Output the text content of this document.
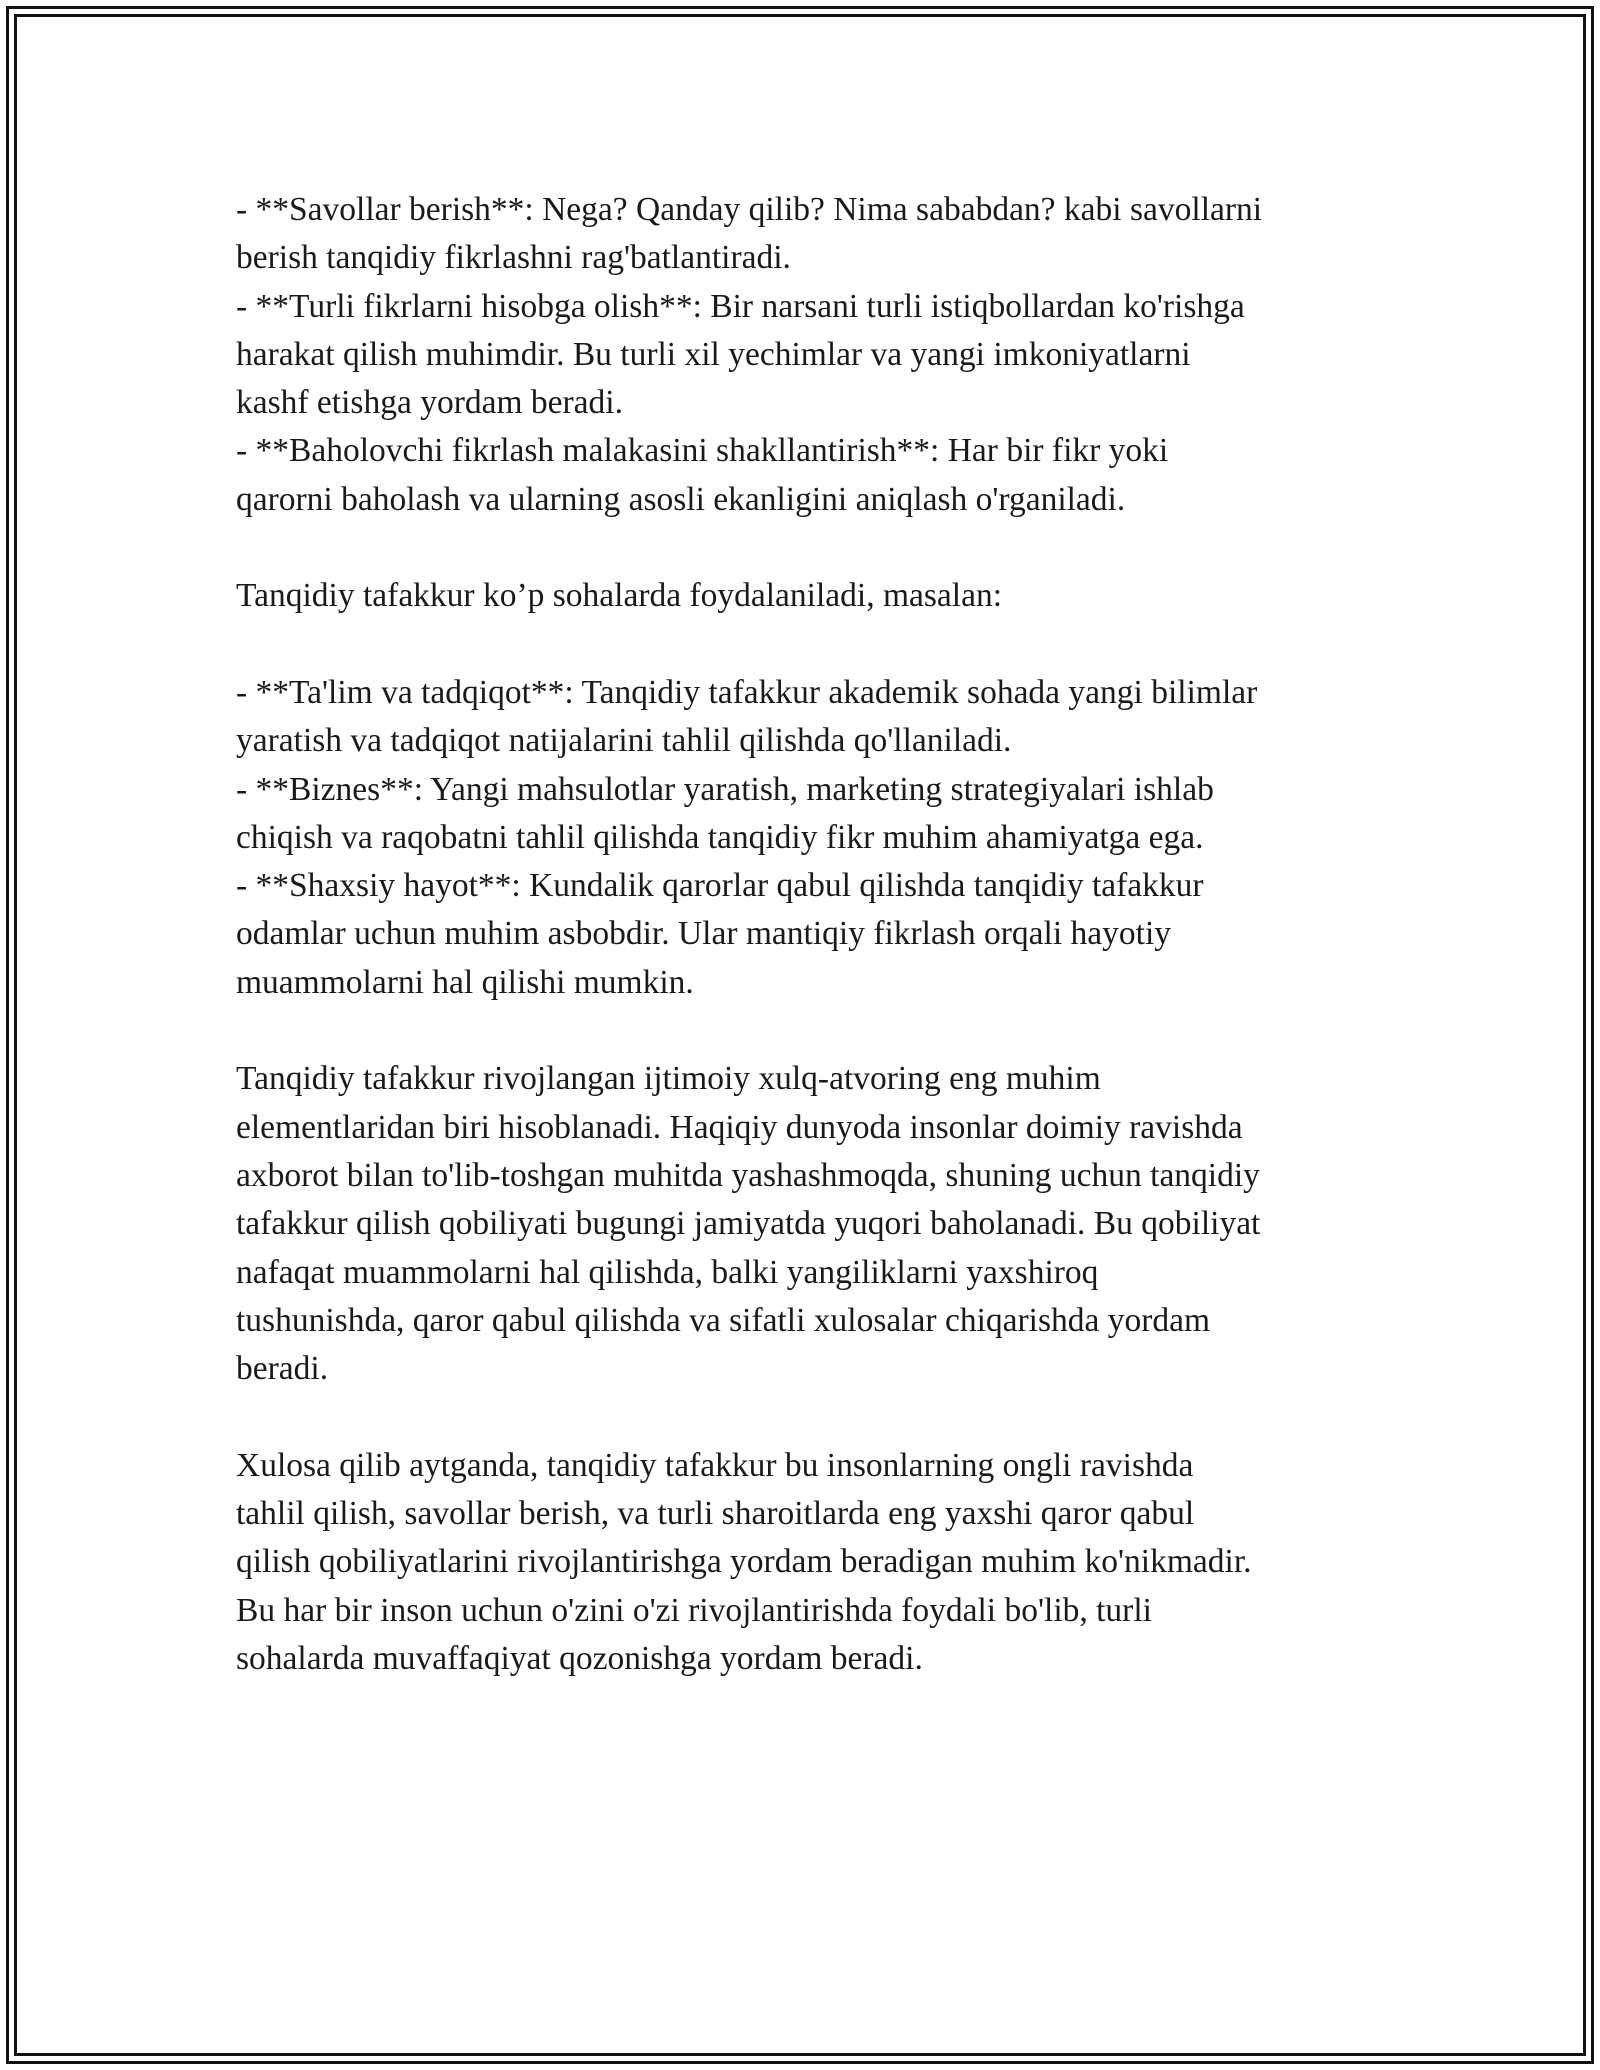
- **Savollar berish**: Nega? Qanday qilib? Nima sababdan? kabi savollarni
berish tanqidiy fikrlashni rag'batlantiradi.
- **Turli fikrlarni hisobga olish**: Bir narsani turli istiqbollardan ko'rishga
harakat qilish muhimdir. Bu turli xil yechimlar va yangi imkoniyatlarni
kashf etishga yordam beradi.
- **Baholovchi fikrlash malakasini shakllantirish**: Har bir fikr yoki
qarorni baholash va ularning asosli ekanligini aniqlash o'rganiladi.
Tanqidiy tafakkur ko’p sohalarda foydalaniladi, masalan:
- **Ta'lim va tadqiqot**: Tanqidiy tafakkur akademik sohada yangi bilimlar
yaratish va tadqiqot natijalarini tahlil qilishda qo'llaniladi.
- **Biznes**: Yangi mahsulotlar yaratish, marketing strategiyalari ishlab
chiqish va raqobatni tahlil qilishda tanqidiy fikr muhim ahamiyatga ega.
- **Shaxsiy hayot**: Kundalik qarorlar qabul qilishda tanqidiy tafakkur
odamlar uchun muhim asbobdir. Ular mantiqiy fikrlash orqali hayotiy
muammolarni hal qilishi mumkin.
Tanqidiy tafakkur rivojlangan ijtimoiy xulq-atvoring eng muhim
elementlaridan biri hisoblanadi. Haqiqiy dunyoda insonlar doimiy ravishda
axborot bilan to'lib-toshgan muhitda yashashmoqda, shuning uchun tanqidiy
tafakkur qilish qobiliyati bugungi jamiyatda yuqori baholanadi. Bu qobiliyat
nafaqat muammolarni hal qilishda, balki yangiliklarni yaxshiroq
tushunishda, qaror qabul qilishda va sifatli xulosalar chiqarishda yordam
beradi.
Xulosa qilib aytganda, tanqidiy tafakkur bu insonlarning ongli ravishda
tahlil qilish, savollar berish, va turli sharoitlarda eng yaxshi qaror qabul
qilish qobiliyatlarini rivojlantirishga yordam beradigan muhim ko'nikmadir.
Bu har bir inson uchun o'zini o'zi rivojlantirishda foydali bo'lib, turli
sohalarda muvaffaqiyat qozonishga yordam beradi.
